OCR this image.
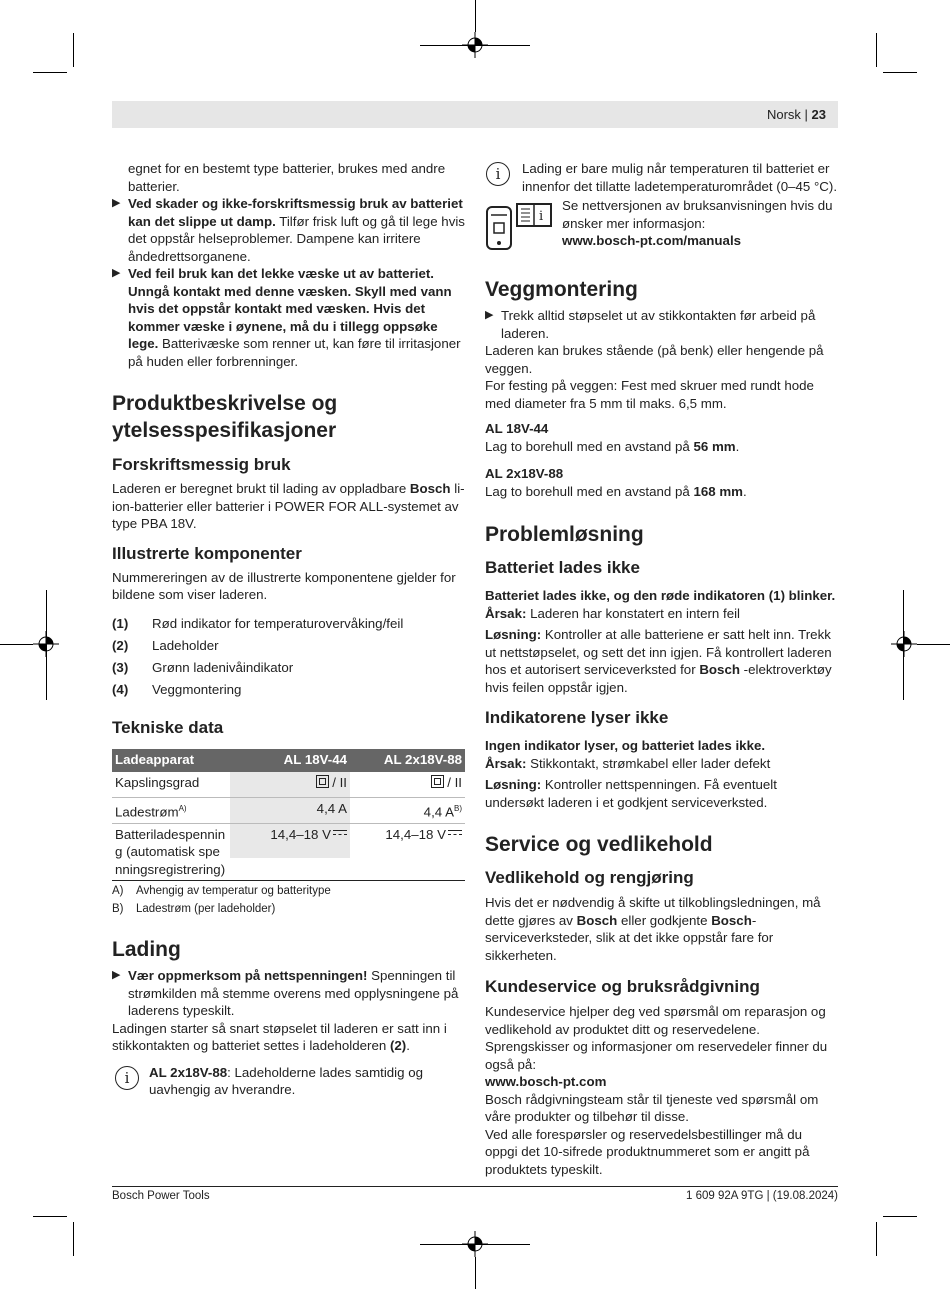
Norsk | 23

egnet for en bestemt type batterier, brukes med andre batterier.

▶ Ved skader og ikke-forskriftsmessig bruk av batteriet kan det slippe ut damp. Tilfør frisk luft og gå til lege hvis det oppstår helseproblemer. Dampene kan irritere åndedrettsorganene.
▶ Ved feil bruk kan det lekke væske ut av batteriet. Unngå kontakt med denne væsken. Skyll med vann hvis det oppstår kontakt med væsken. Hvis det kommer væske i øynene, må du i tillegg oppsøke lege. Batterivæske som renner ut, kan føre til irritasjoner på huden eller forbrenninger.
Produktbeskrivelse og ytelsesspesifikasjoner
Forskriftsmessig bruk

Laderen er beregnet brukt til lading av oppladbare Bosch li-ion-batterier eller batterier i POWER FOR ALL-systemet av type PBA 18V.

Illustrerte komponenter

Nummereringen av de illustrerte komponentene gjelder for bildene som viser laderen.

(1) Rød indikator for temperaturovervåking/feil
(2) Ladeholder
(3) Grønn ladenivåindikator
(4) Veggmontering
Tekniske data
Ladeapparat	AL 18V-44	AL 2x18V-88
Kapslingsgrad	/ II	/ II
Ladestrøm$^{A)}$	4,4 A	4,4 $A^{B)}$
Batteriladespenning (automatisk spenningsregistrering)	14,4–18 V	14,4–18 V
A) Avhengig av temperatur og batteritype
B) Ladestrøm (per ladeholder)
Lading
▶ Vær oppmerksom på nettspenningen! Spenningen til strømkilden må stemme overens med opplysningene på laderens typeskilt.

Ladingen starter så snart støpselet til laderen er satt inn i stikkontakten og batteriet settes i ladeholderen (2).

i	AL 2x18V-88: Ladeholderne lades samtidig og uavhengig av hverandre.
i	Lading er bare mulig når temperaturen til batteriet er innenfor det tillatte ladetemperaturområdet (0–45 °C).
i

Se nettversjonen av bruksanvisningen hvis du ønsker mer informasjon:

www.bosch-pt.com/manuals

Veggmontering
▶ Trekk alltid støpselet ut av stikkontakten før arbeid på laderen.

Laderen kan brukes stående (på benk) eller hengende på veggen.

For festing på veggen: Fest med skruer med rundt hode med diameter fra 5 mm til maks. 6,5 mm.

AL 18V-44

Lag to borehull med en avstand på 56 mm.

AL 2x18V-88

Lag to borehull med en avstand på 168 mm.

Problemløsning
Batteriet lades ikke

Batteriet lades ikke, og den røde indikatoren (1) blinker.

Årsak: Laderen har konstatert en intern feil

Løsning: Kontroller at alle batteriene er satt helt inn. Trekk ut nettstøpselet, og sett det inn igjen. Få kontrollert laderen hos et autorisert serviceverksted for Bosch -elektroverktøy hvis feilen oppstår igjen.

Indikatorene lyser ikke

Ingen indikator lyser, og batteriet lades ikke.

Årsak: Stikkontakt, strømkabel eller lader defekt

Løsning: Kontroller nettspenningen. Få eventuelt undersøkt laderen i et godkjent serviceverksted.

Service og vedlikehold
Vedlikehold og rengjøring

Hvis det er nødvendig å skifte ut tilkoblingsledningen, må dette gjøres av Bosch eller godkjente Bosch-serviceverksteder, slik at det ikke oppstår fare for sikkerheten.

Kundeservice og bruksrådgivning

Kundeservice hjelper deg ved spørsmål om reparasjon og vedlikehold av produktet ditt og reservedelene. Sprengskisser og informasjoner om reservedeler finner du også på:

www.bosch-pt.com

Bosch rådgivningsteam står til tjeneste ved spørsmål om våre produkter og tilbehør til disse.

Ved alle forespørsler og reservedelsbestillinger må du oppgi det 10-sifrede produktnummeret som er angitt på produktets typeskilt.

Bosch Power Tools	1 609 92A 9TG | (19.08.2024)
